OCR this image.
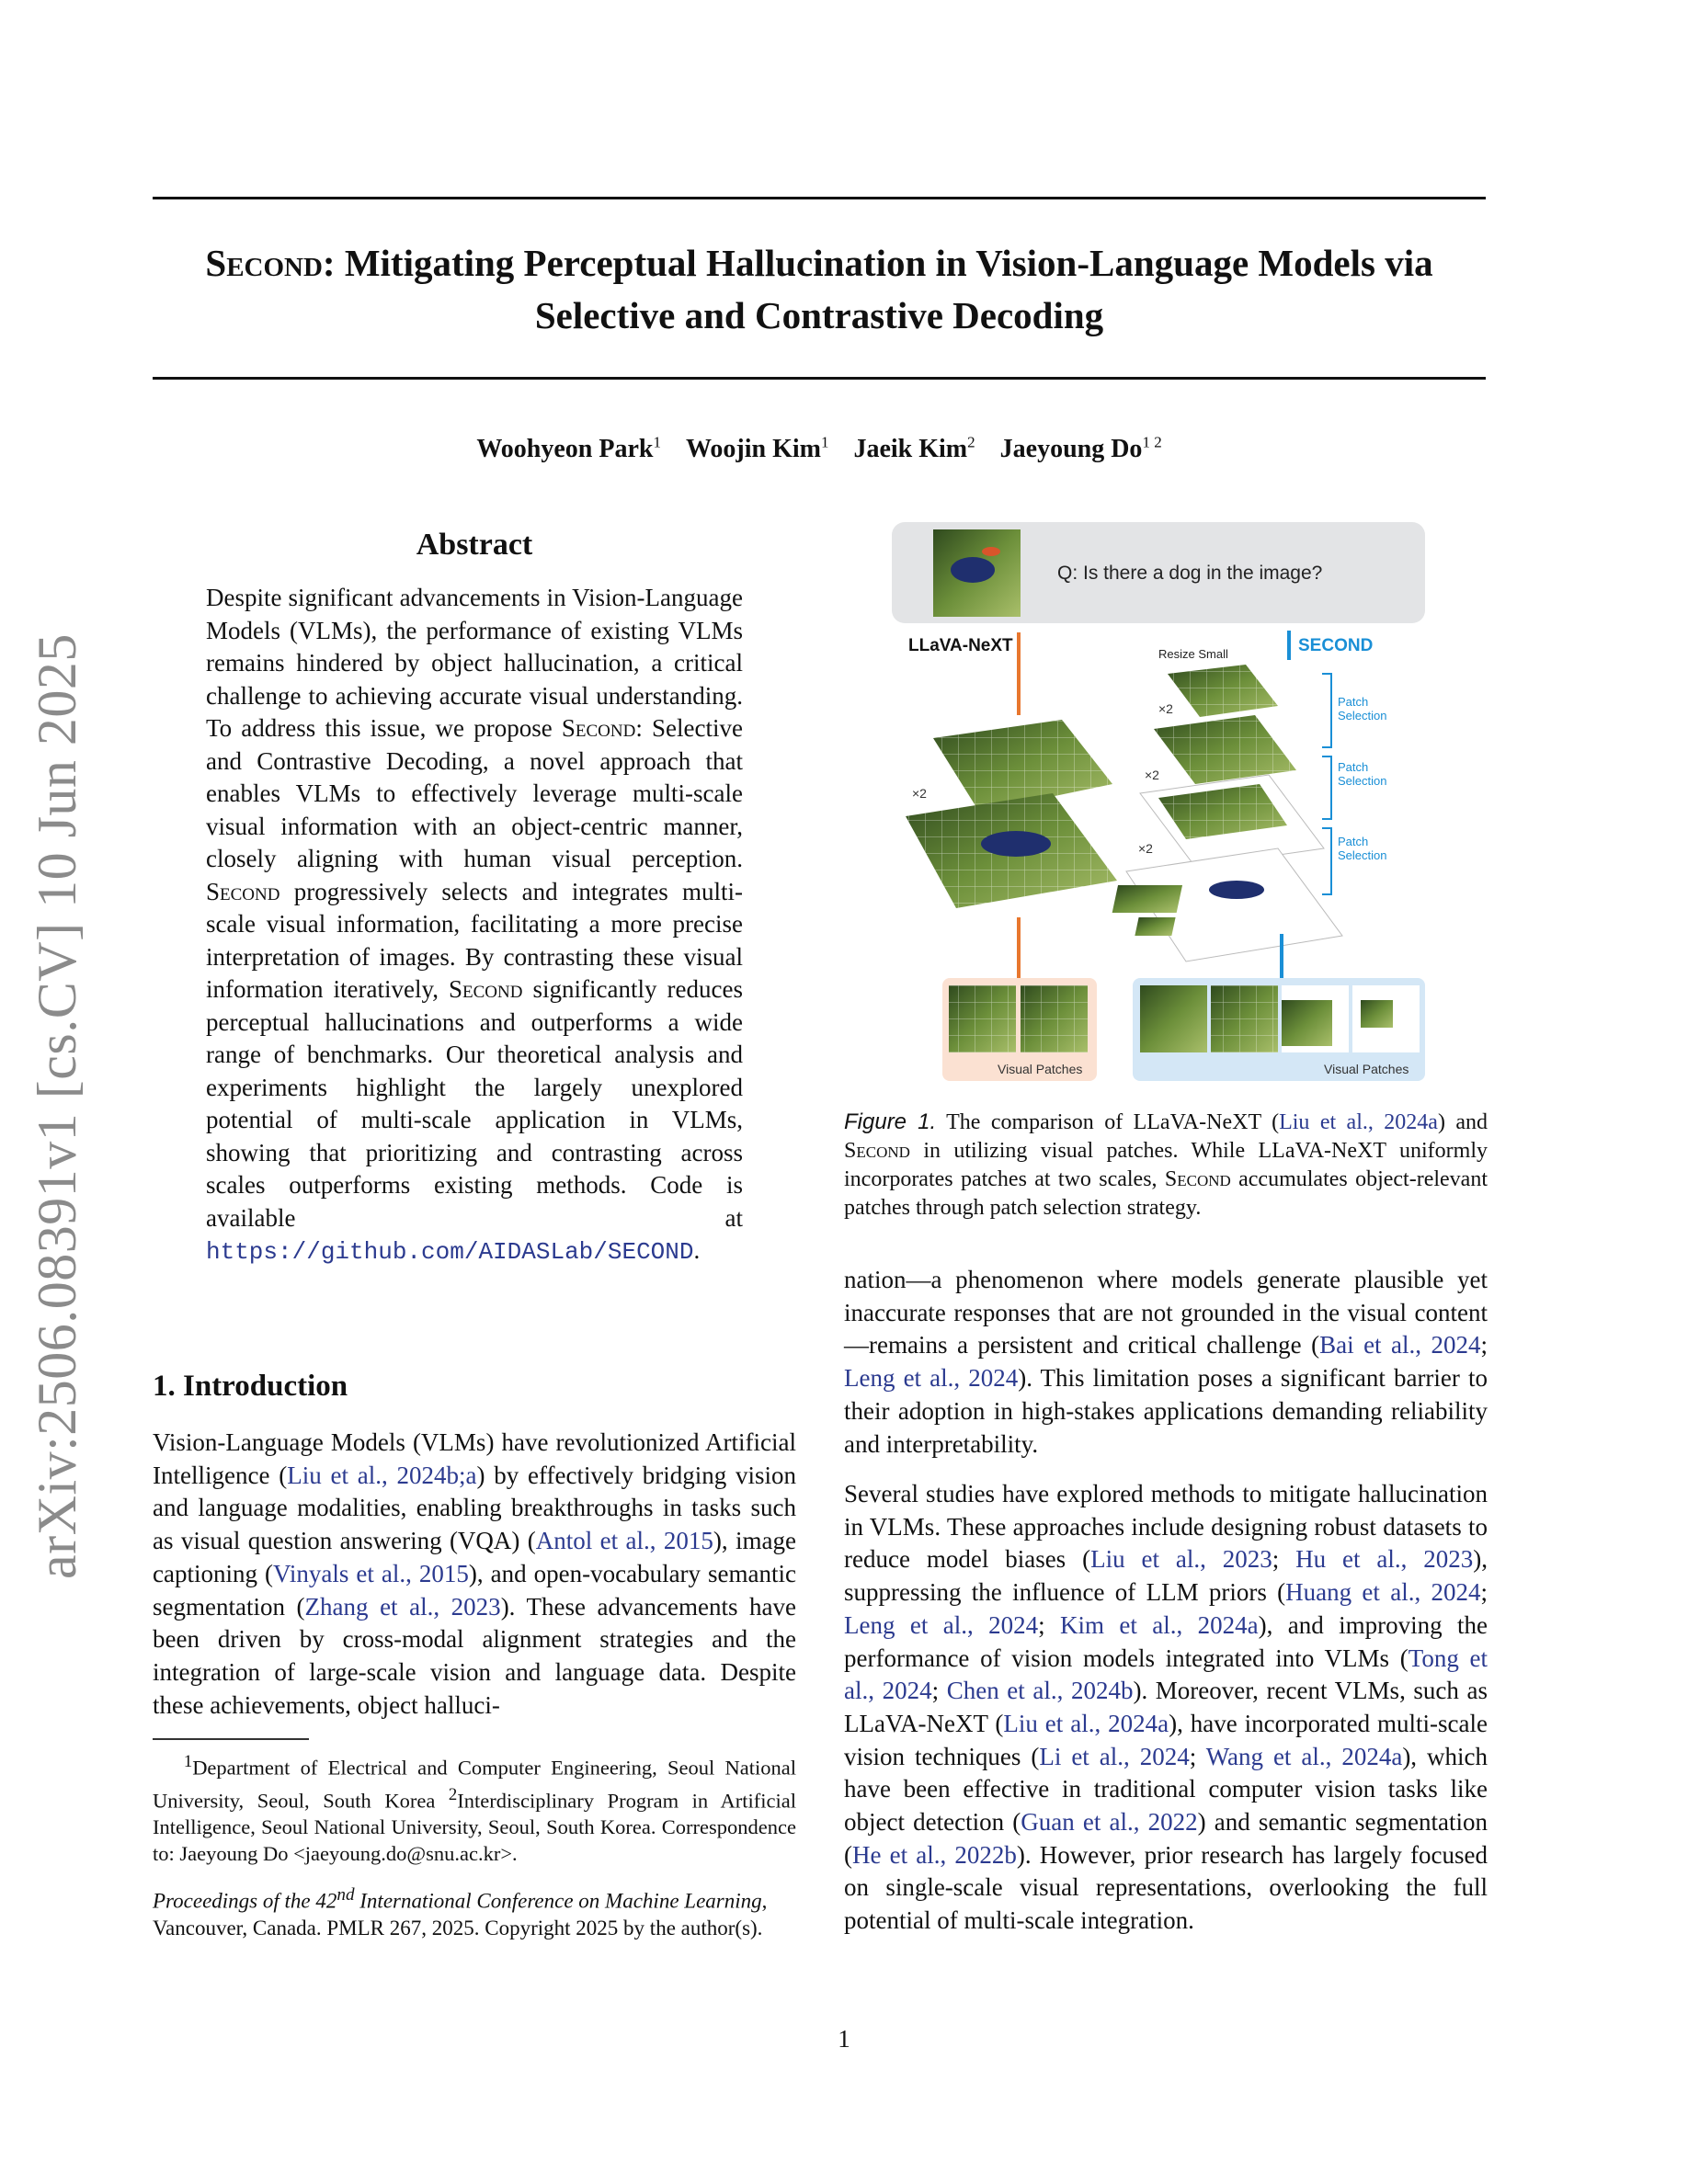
arXiv:2506.08391v1 [cs.CV] 10 Jun 2025
Second: Mitigating Perceptual Hallucination in Vision-Language Models via
Selective and Contrastive Decoding
Woohyeon Park$^1$ Woojin Kim$^1$ Jaeik Kim$^2$ Jaeyoung $Do^{1 2}$
Abstract
Despite significant advancements in Vision-Language Models (VLMs), the performance of existing VLMs remains hindered by object hallucination, a critical challenge to achieving accurate visual understanding. To address this issue, we propose Second: Selective and Contrastive Decoding, a novel approach that enables VLMs to effectively leverage multi-scale visual information with an object-centric manner, closely aligning with human visual perception. Second progressively selects and integrates multi-scale visual information, facilitating a more precise interpretation of images. By contrasting these visual information iteratively, Second significantly reduces perceptual hallucinations and outperforms a wide range of benchmarks. Our theoretical analysis and experiments highlight the largely unexplored potential of multi-scale application in VLMs, showing that prioritizing and contrasting across scales outperforms existing methods. Code is available at https://github.com/AIDASLab/SECOND.
1. Introduction
Vision-Language Models (VLMs) have revolutionized Artificial Intelligence (Liu et al., 2024b;a) by effectively bridging vision and language modalities, enabling breakthroughs in tasks such as visual question answering (VQA) (Antol et al., 2015), image captioning (Vinyals et al., 2015), and open-vocabulary semantic segmentation (Zhang et al., 2023). These advancements have been driven by cross-modal alignment strategies and the integration of large-scale vision and language data. Despite these achievements, object halluci-
$^1$Department of Electrical and Computer Engineering, Seoul National University, Seoul, South Korea $^2$Interdisciplinary Program in Artificial Intelligence, Seoul National University, Seoul, South Korea. Correspondence to: Jaeyoung Do <jaeyoung.do@snu.ac.kr>.
Proceedings of the 42nd International Conference on Machine Learning, Vancouver, Canada. PMLR 267, 2025. Copyright 2025 by the author(s).
Q: Is there a dog in the image?
LLaVA-NeXT
×2
SECOND
Resize Small
×2
×2
×2
Patch
Selection
Patch
Selection
Patch
Selection
Visual Patches	Visual Patches
Figure 1. The comparison of LLaVA-NeXT (Liu et al., 2024a) and Second in utilizing visual patches. While LLaVA-NeXT uniformly incorporates patches at two scales, Second accumulates object-relevant patches through patch selection strategy.
nation—a phenomenon where models generate plausible yet inaccurate responses that are not grounded in the visual content—remains a persistent and critical challenge (Bai et al., 2024; Leng et al., 2024). This limitation poses a significant barrier to their adoption in high-stakes applications demanding reliability and interpretability.
Several studies have explored methods to mitigate hallucination in VLMs. These approaches include designing robust datasets to reduce model biases (Liu et al., 2023; Hu et al., 2023), suppressing the influence of LLM priors (Huang et al., 2024; Leng et al., 2024; Kim et al., 2024a), and improving the performance of vision models integrated into VLMs (Tong et al., 2024; Chen et al., 2024b). Moreover, recent VLMs, such as LLaVA-NeXT (Liu et al., 2024a), have incorporated multi-scale vision techniques (Li et al., 2024; Wang et al., 2024a), which have been effective in traditional computer vision tasks like object detection (Guan et al., 2022) and semantic segmentation (He et al., 2022b). However, prior research has largely focused on single-scale visual representations, overlooking the full potential of multi-scale integration.
1
